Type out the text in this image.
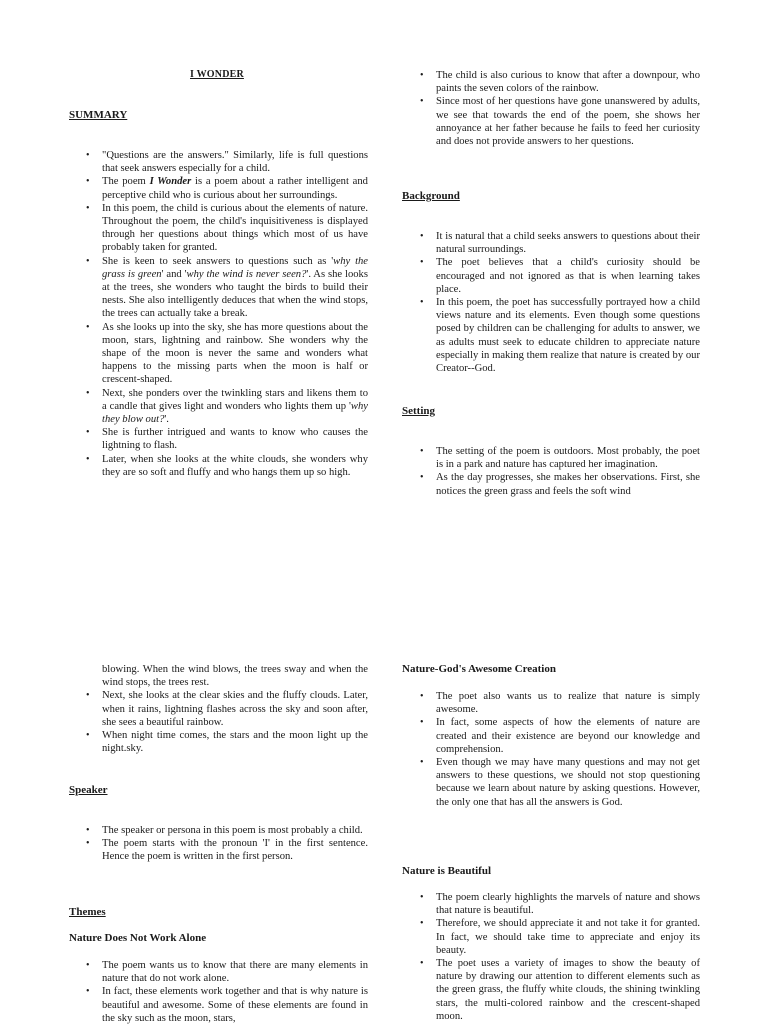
I WONDER
SUMMARY
• "Questions are the answers." Similarly, life is full questions that seek answers especially for a child.
• The poem I Wonder is a poem about a rather intelligent and perceptive child who is curious about her surroundings.
• In this poem, the child is curious about the elements of nature. Throughout the poem, the child's inquisitiveness is displayed through her questions about things which most of us have probably taken for granted.
• She is keen to seek answers to questions such as 'why the grass is green' and 'why the wind is never seen?'. As she looks at the trees, she wonders who taught the birds to build their nests. She also intelligently deduces that when the wind stops, the trees can actually take a break.
• As she looks up into the sky, she has more questions about the moon, stars, lightning and rainbow. She wonders why the shape of the moon is never the same and wonders what happens to the missing parts when the moon is half or crescent-shaped.
• Next, she ponders over the twinkling stars and likens them to a candle that gives light and wonders who lights them up 'why they blow out?'.
• She is further intrigued and wants to know who causes the lightning to flash.
• Later, when she looks at the white clouds, she wonders why they are so soft and fluffy and who hangs them up so high.
• The child is also curious to know that after a downpour, who paints the seven colors of the rainbow.
• Since most of her questions have gone unanswered by adults, we see that towards the end of the poem, she shows her annoyance at her father because he fails to feed her curiosity and does not provide answers to her questions.
Background
• It is natural that a child seeks answers to questions about their natural surroundings.
• The poet believes that a child's curiosity should be encouraged and not ignored as that is when learning takes place.
• In this poem, the poet has successfully portrayed how a child views nature and its elements. Even though some questions posed by children can be challenging for adults to answer, we as adults must seek to educate children to appreciate nature especially in making them realize that nature is created by our Creator--God.
Setting
• The setting of the poem is outdoors. Most probably, the poet is in a park and nature has captured her imagination.
• As the day progresses, she makes her observations. First, she notices the green grass and feels the soft wind
blowing. When the wind blows, the trees sway and when the wind stops, the trees rest.
• Next, she looks at the clear skies and the fluffy clouds. Later, when it rains, lightning flashes across the sky and soon after, she sees a beautiful rainbow.
• When night time comes, the stars and the moon light up the night.sky.
Speaker
• The speaker or persona in this poem is most probably a child.
• The poem starts with the pronoun 'I' in the first sentence. Hence the poem is written in the first person.
Themes
Nature Does Not Work Alone
• The poem wants us to know that there are many elements in nature that do not work alone.
• In fact, these elements work together and that is why nature is beautiful and awesome. Some of these elements are found in the sky such as the moon, stars,
Nature-God's Awesome Creation
• The poet also wants us to realize that nature is simply awesome.
• In fact, some aspects of how the elements of nature are created and their existence are beyond our knowledge and comprehension.
• Even though we may have many questions and may not get answers to these questions, we should not stop questioning because we learn about nature by asking questions. However, the only one that has all the answers is God.
Nature is Beautiful
• The poem clearly highlights the marvels of nature and shows that nature is beautiful.
• Therefore, we should appreciate it and not take it for granted. In fact, we should take time to appreciate and enjoy its beauty.
• The poet uses a variety of images to show the beauty of nature by drawing our attention to different elements such as the green grass, the fluffy white clouds, the shining twinkling stars, the multi-colored rainbow and the crescent-shaped moon.
